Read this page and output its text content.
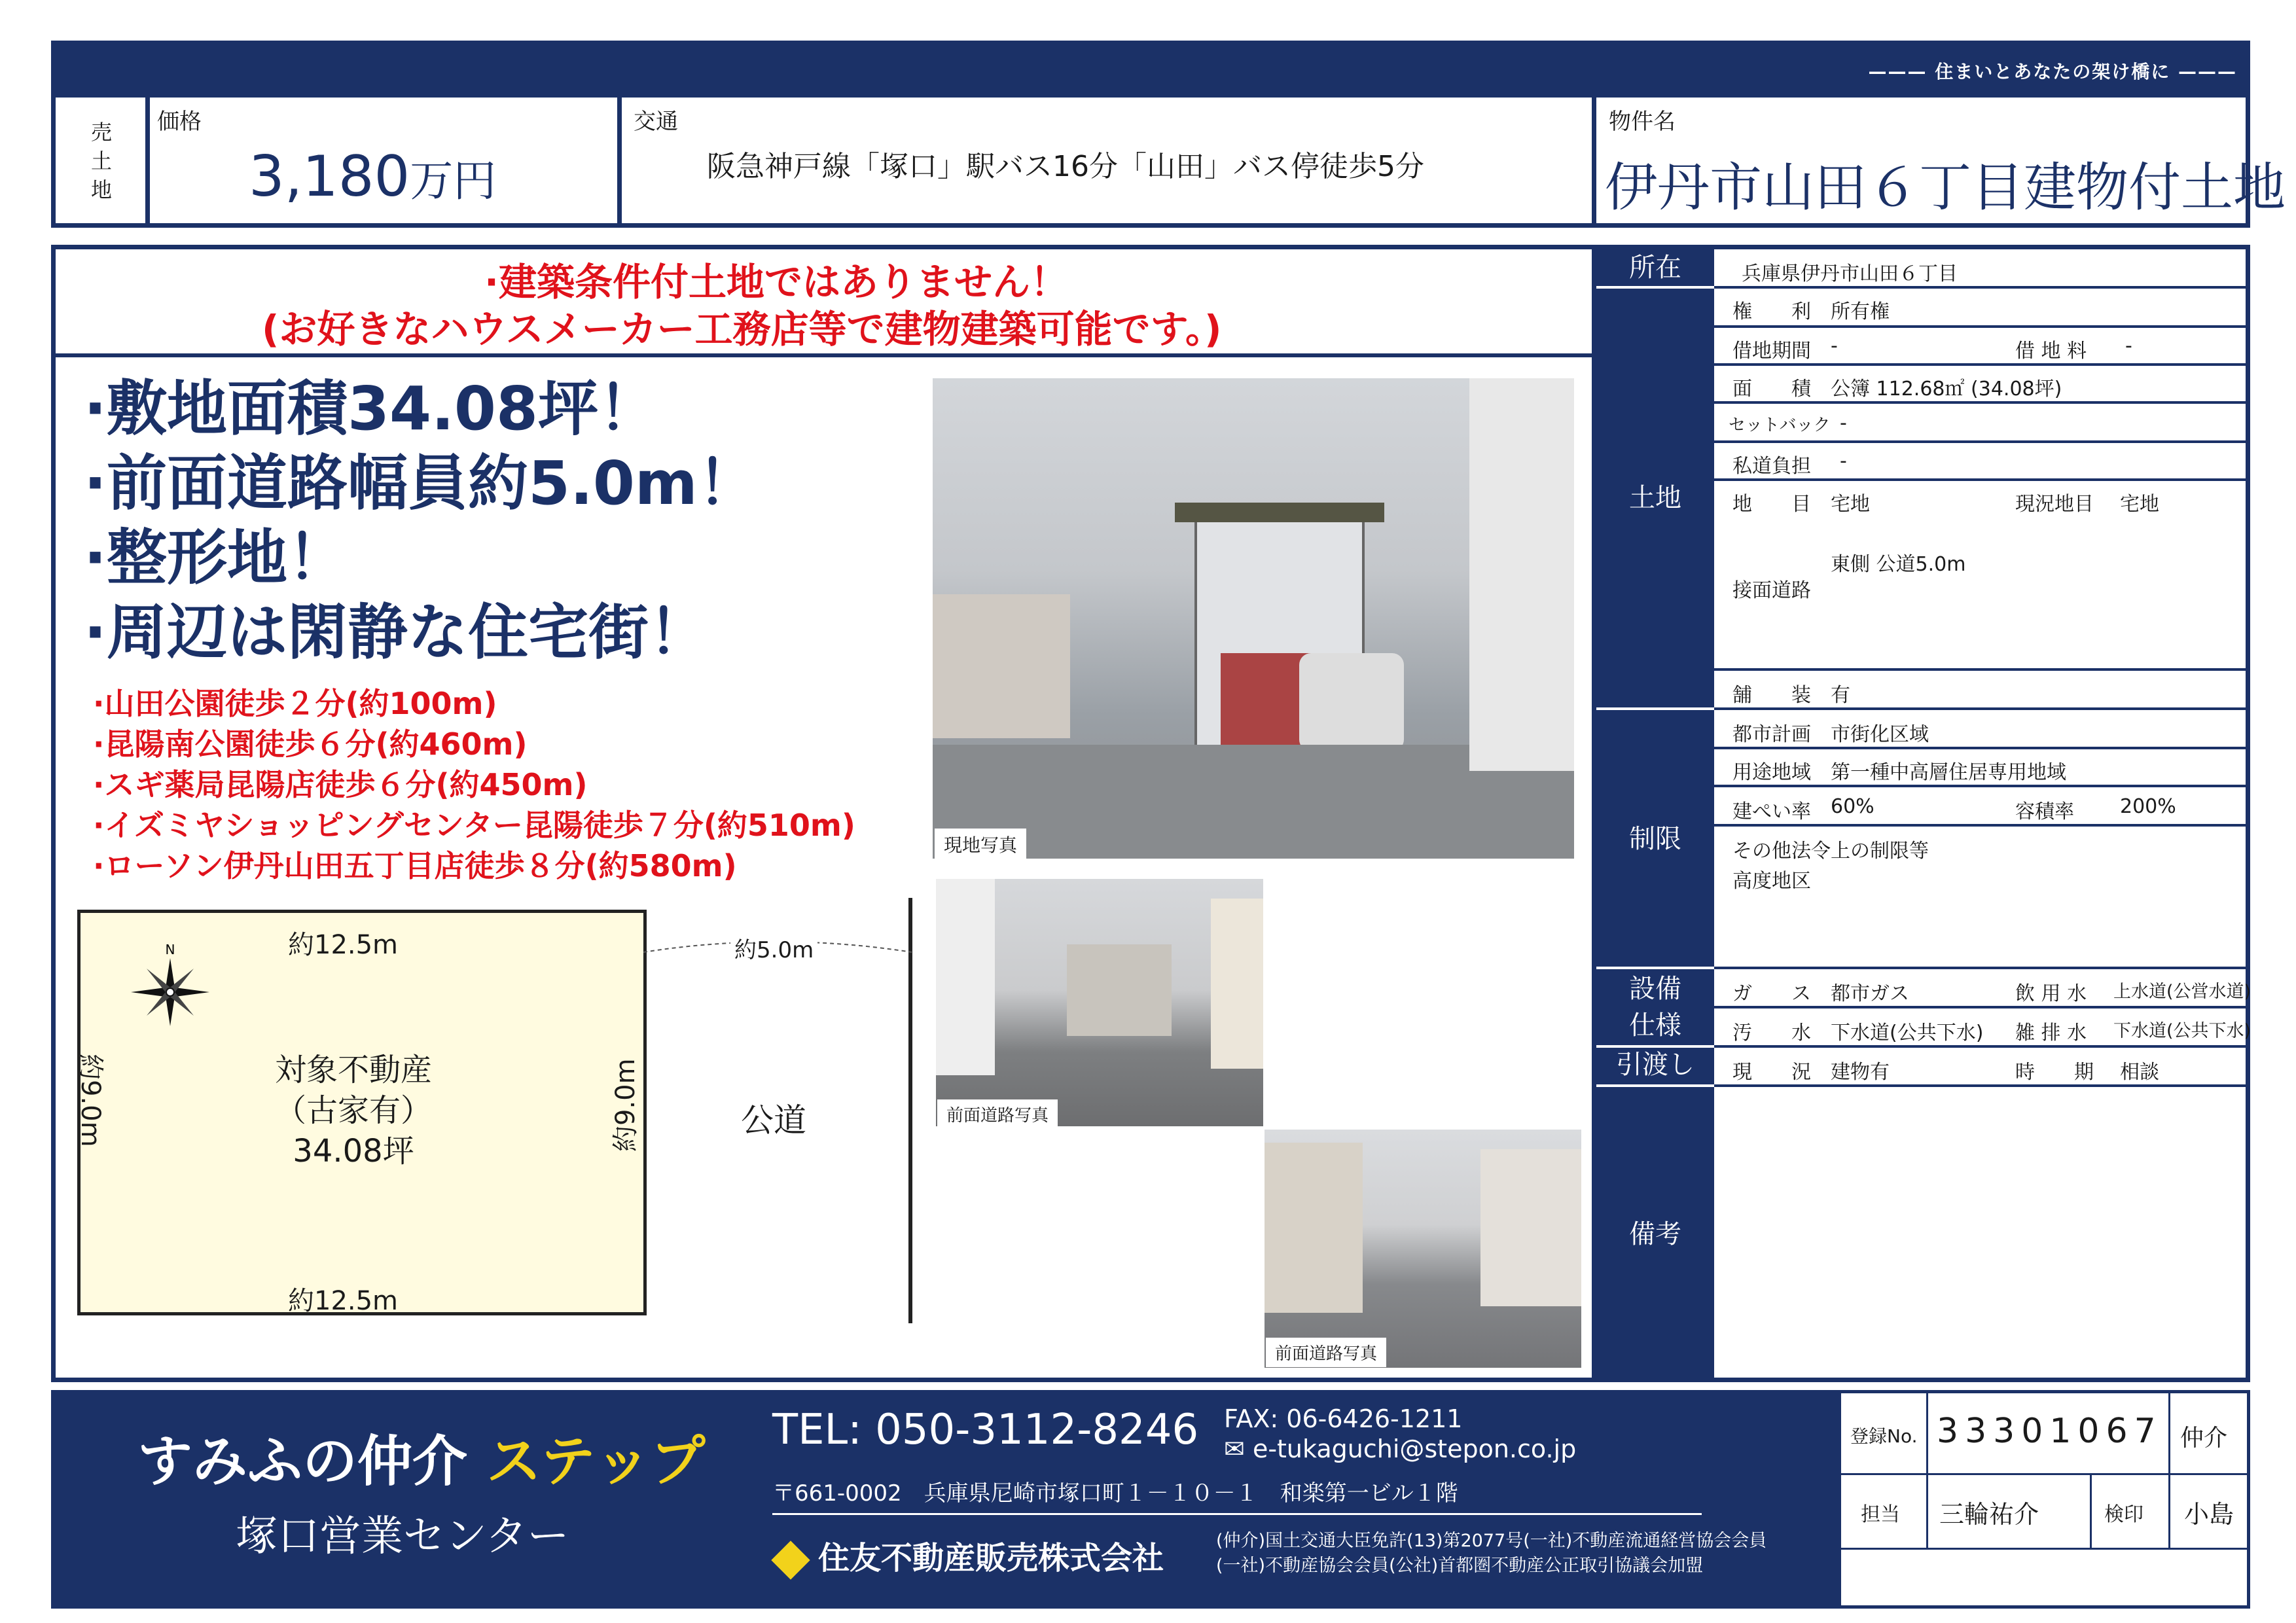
——— 住まいとあなたの架け橋に ———
売
土
地
価格
3,180万円
交通
阪急神戸線「塚口」駅バス16分「山田」バス停徒歩5分
物件名
伊丹市山田６丁目建物付土地
·建築条件付土地ではありません！
(お好きなハウスメーカー工務店等で建物建築可能です。)
·敷地面積34.08坪！
·前面道路幅員約5.0m！
·整形地！
·周辺は閑静な住宅街！
·山田公園徒歩２分(約100m)
·昆陽南公園徒歩６分(約460m)
·スギ薬局昆陽店徒歩６分(約450m)
·イズミヤショッピングセンター昆陽徒歩７分(約510m)
·ローソン伊丹山田五丁目店徒歩８分(約580m)
約5.0m
公道
約12.5m
約12.5m
約9.0m	約9.0m
対象不動産
（古家有）
34.08坪
N
現地写真
前面道路写真
前面道路写真
所在
土地
制限
設備
仕様
引渡し
備考
兵庫県伊丹市山田６丁目
権　　利 所有権
借地期間 -	借 地 料 -
面　　積 公簿 112.68㎡ (34.08坪)
セットバック -
私道負担 -
地　　目 宅地	現況地目 宅地
接面道路
東側 公道5.0m
舗　　装 有
都市計画 市街化区域
用途地域 第一種中高層住居専用地域
建ぺい率 60%	容積率 200%
その他法令上の制限等
高度地区
ガ　　ス 都市ガス	飲 用 水 上水道(公営水道)
汚　　水 下水道(公共下水) 雑 排 水 下水道(公共下水)
現　　況 建物有	時　　期 相談
すみふの仲介 ステップ
塚口営業センター
TEL: 050-3112-8246 FAX: 06-6426-1211
✉ e-tukaguchi@stepon.co.jp
〒661-0002　兵庫県尼崎市塚口町１－１０－１　和楽第一ビル１階
住友不動産販売株式会社	(仲介)国土交通大臣免許(13)第2077号(一社)不動産流通経営協会会員
(一社)不動産協会会員(公社)首都圏不動産公正取引協議会加盟
登録No. 33301067 仲介
担当 三輪祐介	検印 小島
